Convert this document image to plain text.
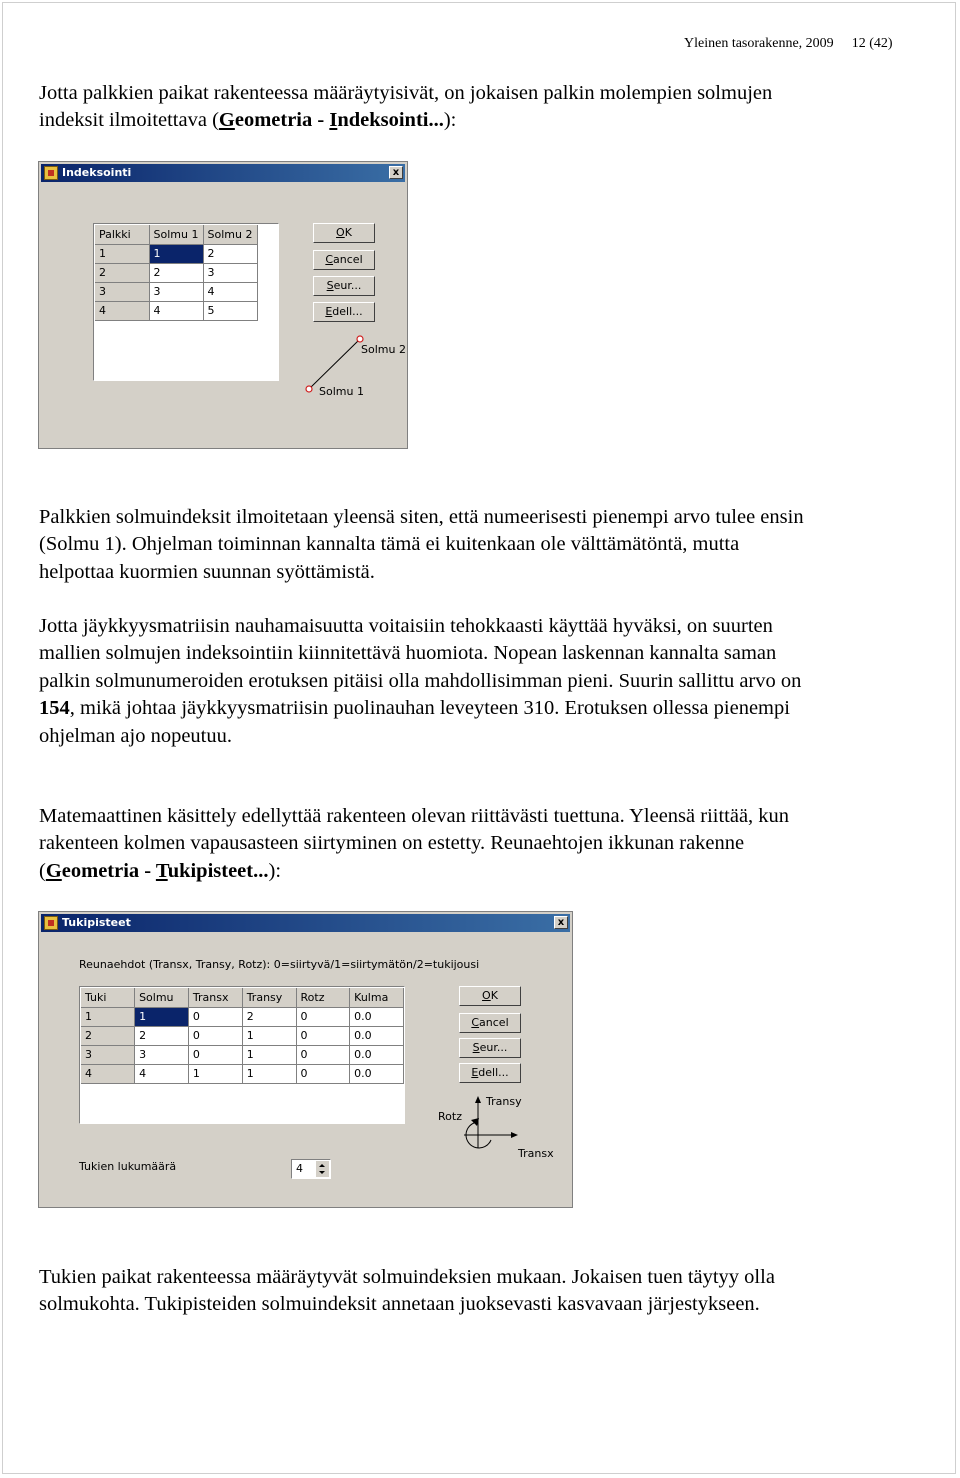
Yleinen tasorakenne, 2009 12 (42)
Jotta palkkien paikat rakenteessa määräytyisivät, on jokaisen palkin molempien solmujen
indeksit ilmoitettava (Geometria - Indeksointi...):
Indeksointi	x
Palkki	Solmu 1	Solmu 2
1	1	2
2	2	3
3	3	4
4	4	5
OK
Cancel
Seur...
Edell...
Solmu 1
Solmu 2
Palkkien solmuindeksit ilmoitetaan yleensä siten, että numeerisesti pienempi arvo tulee ensin
(Solmu 1). Ohjelman toiminnan kannalta tämä ei kuitenkaan ole välttämätöntä, mutta
helpottaa kuormien suunnan syöttämistä.
Jotta jäykkyysmatriisin nauhamaisuutta voitaisiin tehokkaasti käyttää hyväksi, on suurten
mallien solmujen indeksointiin kiinnitettävä huomiota. Nopean laskennan kannalta saman
palkin solmunumeroiden erotuksen pitäisi olla mahdollisimman pieni. Suurin sallittu arvo on
154, mikä johtaa jäykkyysmatriisin puolinauhan leveyteen 310. Erotuksen ollessa pienempi
ohjelman ajo nopeutuu.
Matemaattinen käsittely edellyttää rakenteen olevan riittävästi tuettuna. Yleensä riittää, kun
rakenteen kolmen vapausasteen siirtyminen on estetty. Reunaehtojen ikkunan rakenne
(Geometria - Tukipisteet...):
Tukipisteet	x
Reunaehdot (Transx, Transy, Rotz): 0=siirtyvä/1=siirtymätön/2=tukijousi
Tuki	Solmu	Transx	Transy	Rotz	Kulma
1	1	0	2	0	0.0
2	2	0	1	0	0.0
3	3	0	1	0	0.0
4	4	1	1	0	0.0
OK
Cancel
Seur...
Edell...
Transy
Transx
Rotz
Tukien lukumäärä	4
Tukien paikat rakenteessa määräytyvät solmuindeksien mukaan. Jokaisen tuen täytyy olla
solmukohta. Tukipisteiden solmuindeksit annetaan juoksevasti kasvavaan järjestykseen.
